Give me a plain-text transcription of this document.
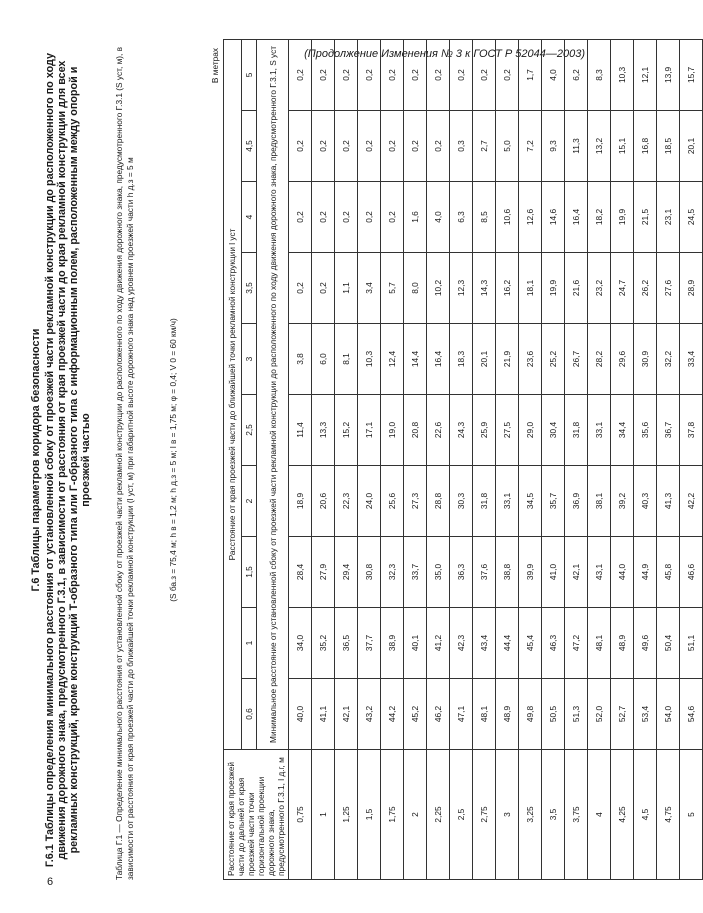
(Продолжение Изменения № 3 к ГОСТ Р 52044—2003)
6
Г.6 Таблицы параметров коридора безопасности Г.6.1 Таблицы определения минимального расстояния от установленной сбоку от проезжей части рекламной конструкции до расположенного по ходу движения дорожного знака, предусмотренного Г.3.1, в зависимости от расстояния от края проезжей части до края рекламной конструкции для всех рекламных конструкций, кроме конструкций Т-образного типа или Г-образного типа с информационным полем, расположенным между опорой и проезжей частью	Таблица Г.1 — Определение минимального расстояния от установленной сбоку от проезжей части рекламной конструкции до расположенного по ходу движения дорожного знака, предусмотренного Г.3.1 (S уст, м), в зависимости от расстояния от края проезжей части до ближайшей точки рекламной конструкции (l уст, м) при габаритной высоте дорожного знака над уровнем проезжей части h д.з = 5 м	(S ба.з = 75,4 м; h в = 1,2 м; h д.з = 5 м; l в = 1,75 м; φ = 0,4; V 0 = 60 км/ч)
В метрах
Расстояние от края проезжей части до дальней от края проезжей части точки горизонтальной проекции дорожного знака, предусмотренного Г.3.1, l д.г, м	Расстояние от края проезжей части до ближайшей точки рекламной конструкции l уст									
	0,6	1	1,5	2	2,5	3	3,5	4	4,5	5
	Минимальное расстояние от установленной сбоку от проезжей части рекламной конструкции до расположенного по ходу движения дорожного знака, предусмотренного Г.3.1, S уст									
0,75	40,0	34,0	28,4	18,9	11,4	3,8	0,2	0,2	0,2	0,2
1	41,1	35,2	27,9	20,6	13,3	6,0	0,2	0,2	0,2	0,2
1,25	42,1	36,5	29,4	22,3	15,2	8,1	1,1	0,2	0,2	0,2
1,5	43,2	37,7	30,8	24,0	17,1	10,3	3,4	0,2	0,2	0,2
1,75	44,2	38,9	32,3	25,6	19,0	12,4	5,7	0,2	0,2	0,2
2	45,2	40,1	33,7	27,3	20,8	14,4	8,0	1,6	0,2	0,2
2,25	46,2	41,2	35,0	28,8	22,6	16,4	10,2	4,0	0,2	0,2
2,5	47,1	42,3	36,3	30,3	24,3	18,3	12,3	6,3	0,3	0,2
2,75	48,1	43,4	37,6	31,8	25,9	20,1	14,3	8,5	2,7	0,2
3	48,9	44,4	38,8	33,1	27,5	21,9	16,2	10,6	5,0	0,2
3,25	49,8	45,4	39,9	34,5	29,0	23,6	18,1	12,6	7,2	1,7
3,5	50,5	46,3	41,0	35,7	30,4	25,2	19,9	14,6	9,3	4,0
3,75	51,3	47,2	42,1	36,9	31,8	26,7	21,6	16,4	11,3	6,2
4	52,0	48,1	43,1	38,1	33,1	28,2	23,2	18,2	13,2	8,3
4,25	52,7	48,9	44,0	39,2	34,4	29,6	24,7	19,9	15,1	10,3
4,5	53,4	49,6	44,9	40,3	35,6	30,9	26,2	21,5	16,8	12,1
4,75	54,0	50,4	45,8	41,3	36,7	32,2	27,6	23,1	18,5	13,9
5	54,6	51,1	46,6	42,2	37,8	33,4	28,9	24,5	20,1	15,7
